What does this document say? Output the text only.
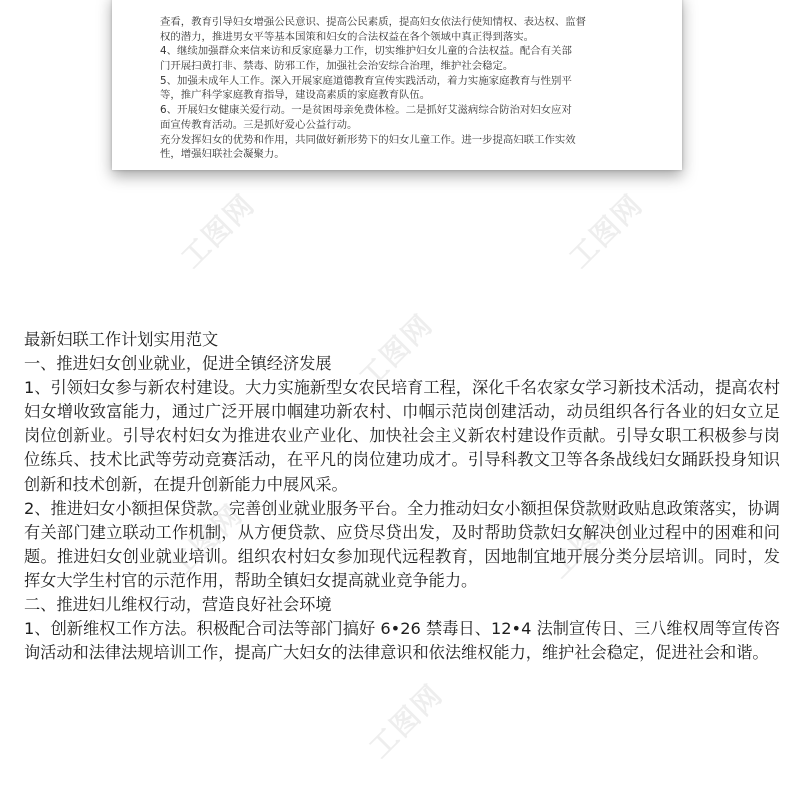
查看，教育引导妇女增强公民意识、提高公民素质，提高妇女依法行使知情权、表达权、监督

权的潜力，推进男女平等基本国策和妇女的合法权益在各个领域中真正得到落实。

4、继续加强群众来信来访和反家庭暴力工作，切实维护妇女儿童的合法权益。配合有关部

门开展扫黄打非、禁毒、防邪工作，加强社会治安综合治理，维护社会稳定。

5、加强未成年人工作。深入开展家庭道德教育宣传实践活动，着力实施家庭教育与性别平

等，推广科学家庭教育指导，建设高素质的家庭教育队伍。

6、开展妇女健康关爱行动。一是贫困母亲免费体检。二是抓好艾滋病综合防治对妇女应对

面宣传教育活动。三是抓好爱心公益行动。

充分发挥妇女的优势和作用，共同做好新形势下的妇女儿童工作。进一步提高妇联工作实效

性，增强妇联社会凝聚力。

工图网	工图网
工图网
工图网	工图网
工图网

最新妇联工作计划实用范文

一、推进妇女创业就业，促进全镇经济发展

1、引领妇女参与新农村建设。大力实施新型女农民培育工程，深化千名农家女学习新技术活动，提高农村妇女增收致富能力，通过广泛开展巾帼建功新农村、巾帼示范岗创建活动，动员组织各行各业的妇女立足岗位创新业。引导农村妇女为推进农业产业化、加快社会主义新农村建设作贡献。引导女职工积极参与岗位练兵、技术比武等劳动竞赛活动，在平凡的岗位建功成才。引导科教文卫等各条战线妇女踊跃投身知识创新和技术创新，在提升创新能力中展风采。

2、推进妇女小额担保贷款。完善创业就业服务平台。全力推动妇女小额担保贷款财政贴息政策落实，协调有关部门建立联动工作机制，从方便贷款、应贷尽贷出发，及时帮助贷款妇女解决创业过程中的困难和问题。推进妇女创业就业培训。组织农村妇女参加现代远程教育，因地制宜地开展分类分层培训。同时，发挥女大学生村官的示范作用，帮助全镇妇女提高就业竞争能力。

二、推进妇儿维权行动，营造良好社会环境

1、创新维权工作方法。积极配合司法等部门搞好 6•26 禁毒日、12•4 法制宣传日、三八维权周等宣传咨询活动和法律法规培训工作，提高广大妇女的法律意识和依法维权能力，维护社会稳定，促进社会和谐。
